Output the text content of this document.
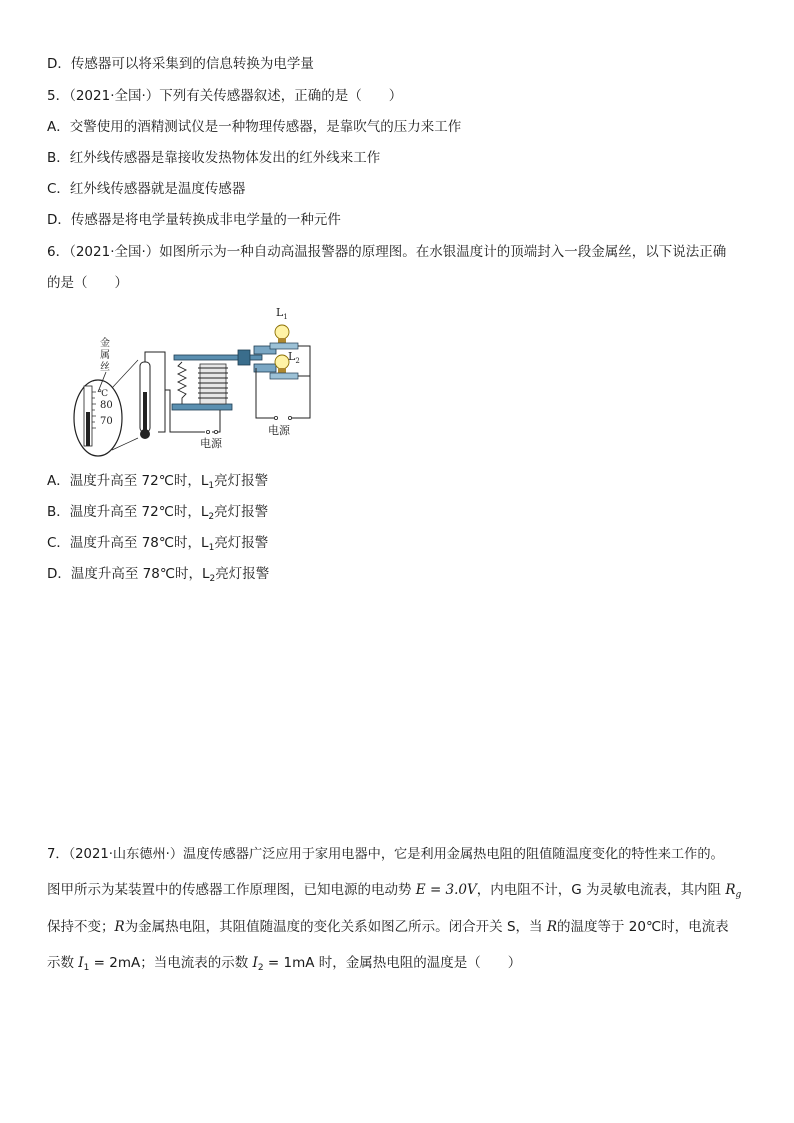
D．传感器可以将采集到的信息转换为电学量
5．（2021·全国·）下列有关传感器叙述，正确的是（　　）
A．交警使用的酒精测试仪是一种物理传感器，是靠吹气的压力来工作
B．红外线传感器是靠接收发热物体发出的红外线来工作
C．红外线传感器就是温度传感器
D．传感器是将电学量转换成非电学量的一种元件
6．（2021·全国·）如图所示为一种自动高温报警器的原理图。在水银温度计的顶端封入一段金属丝，以下说法正确
的是（　　）
金
属
丝
℃
80
70
$L_1$
$L_2$
电源
电源
A．温度升高至 72℃时，$L_1$亮灯报警
B．温度升高至 72℃时，$L_2$亮灯报警
C．温度升高至 78℃时，$L_1$亮灯报警
D．温度升高至 78℃时，$L_2$亮灯报警
7．（2021·山东德州·）温度传感器广泛应用于家用电器中，它是利用金属热电阻的阻值随温度变化的特性来工作的。
图甲所示为某装置中的传感器工作原理图，已知电源的电动势 E = 3.0V，内电阻不计，G 为灵敏电流表，其内阻 $R_g$
保持不变；R为金属热电阻，其阻值随温度的变化关系如图乙所示。闭合开关 S，当 R的温度等于 20℃时，电流表
示数 $I_1 = 2mA$；当电流表的示数 $I_2 = 1mA$ 时，金属热电阻的温度是（　　）
